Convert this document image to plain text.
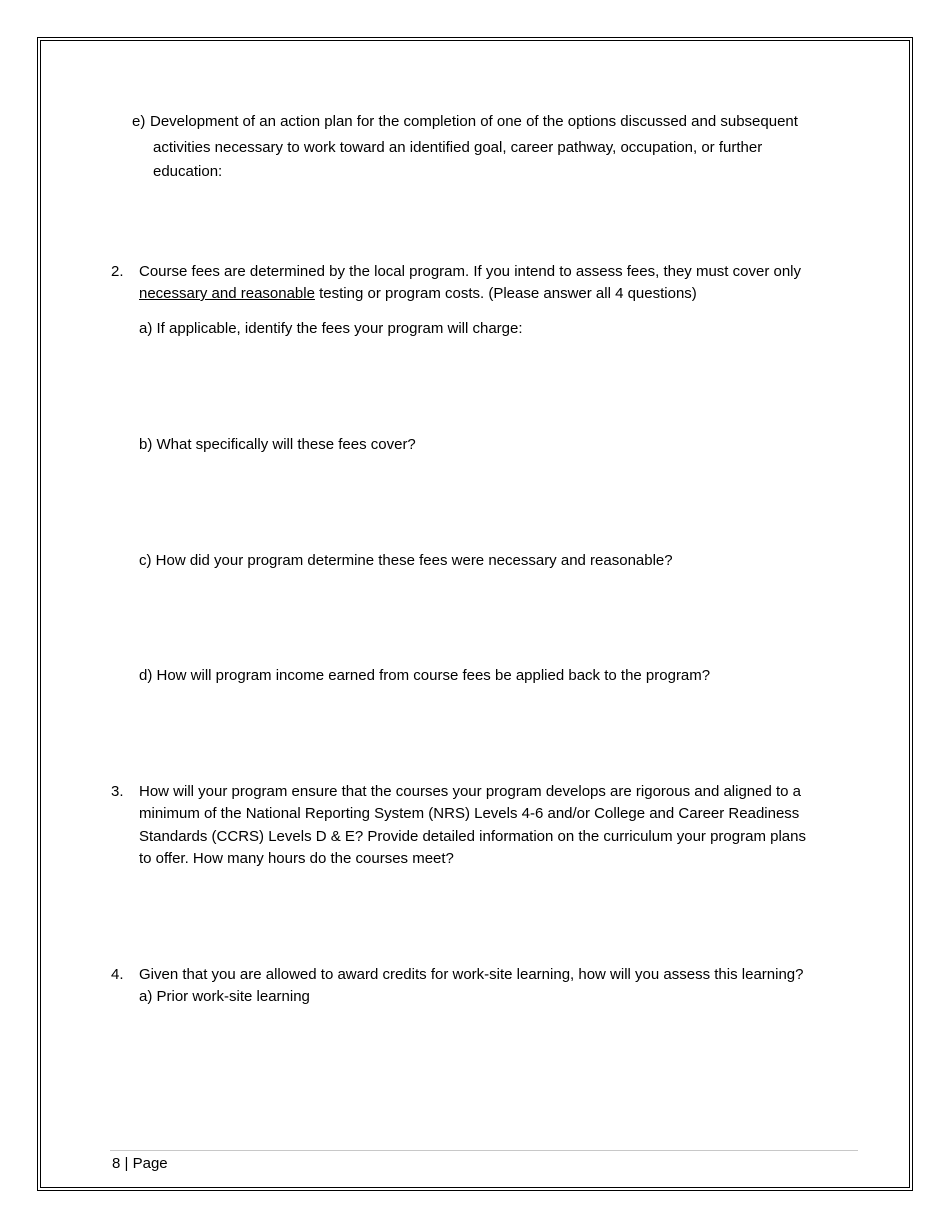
e) Development of an action plan for the completion of one of the options discussed and subsequent
activities necessary to work toward an identified goal, career pathway, occupation, or further
education:
2. Course fees are determined by the local program. If you intend to assess fees, they must cover only
necessary and reasonable testing or program costs. (Please answer all 4 questions)
a) If applicable, identify the fees your program will charge:
b) What specifically will these fees cover?
c) How did your program determine these fees were necessary and reasonable?
d) How will program income earned from course fees be applied back to the program?
3. How will your program ensure that the courses your program develops are rigorous and aligned to a
minimum of the National Reporting System (NRS) Levels 4-6 and/or College and Career Readiness
Standards (CCRS) Levels D & E? Provide detailed information on the curriculum your program plans
to offer. How many hours do the courses meet?
4. Given that you are allowed to award credits for work-site learning, how will you assess this learning?
a) Prior work-site learning
8 | Page
